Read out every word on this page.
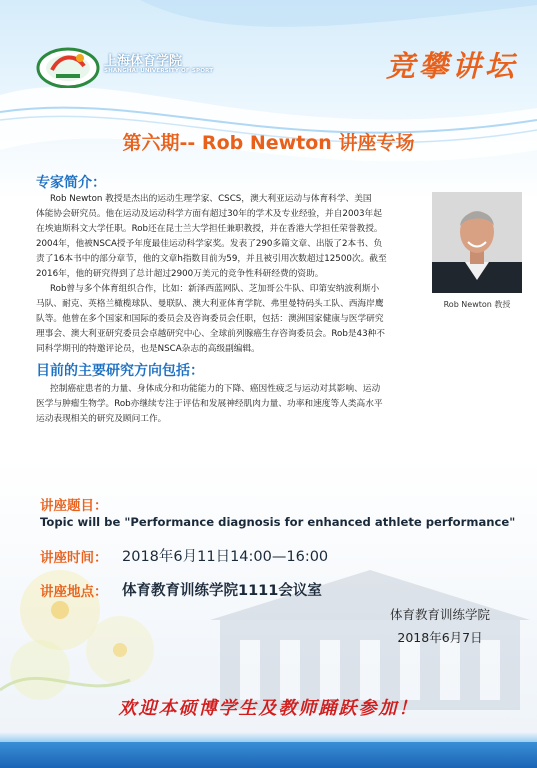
上海体育学院
SHANGHAI UNIVERSITY OF SPORT	竞攀讲坛
第六期-- Rob Newton 讲座专场
专家简介：
Rob Newton 教授是杰出的运动生理学家、CSCS，澳大利亚运动与体育科学、美国
体能协会研究员。他在运动及运动科学方面有超过30年的学术及专业经验，并自2003年起
在埃迪斯科文大学任职。Rob还在昆士兰大学担任兼职教授，并在香港大学担任荣誉教授。
2004年，他被NSCA授予年度最佳运动科学家奖。发表了290多篇文章、出版了2本书、负
责了16本书中的部分章节，他的文章h指数目前为59，并且被引用次数超过12500次。截至
2016年，他的研究得到了总计超过2900万美元的竞争性科研经费的资助。
Rob曾与多个体育组织合作，比如：新泽西蓝网队、芝加哥公牛队、印第安纳波利斯小
马队、耐克、英格兰橄榄球队、曼联队、澳大利亚体育学院、弗里曼特码头工队、西海岸鹰
队等。他曾在多个国家和国际的委员会及咨询委员会任职，包括：澳洲国家健康与医学研究
理事会、澳大利亚研究委员会卓越研究中心、全球前列腺癌生存咨询委员会。Rob是43种不
同科学期刊的特邀评论员，也是NSCA杂志的高级副编辑。
Rob Newton 教授
目前的主要研究方向包括：
控制癌症患者的力量、身体成分和功能能力的下降、癌因性疲乏与运动对其影响、运动
医学与肿瘤生物学。Rob亦继续专注于评估和发展神经肌肉力量、功率和速度等人类高水平
运动表现相关的研究及顾问工作。
讲座题目：
Topic will be "Performance diagnosis for enhanced athlete performance"
讲座时间： 2018年6月11日14:00—16:00
讲座地点： 体育教育训练学院1111会议室
体育教育训练学院
2018年6月7日
欢迎本硕博学生及教师踊跃参加！
